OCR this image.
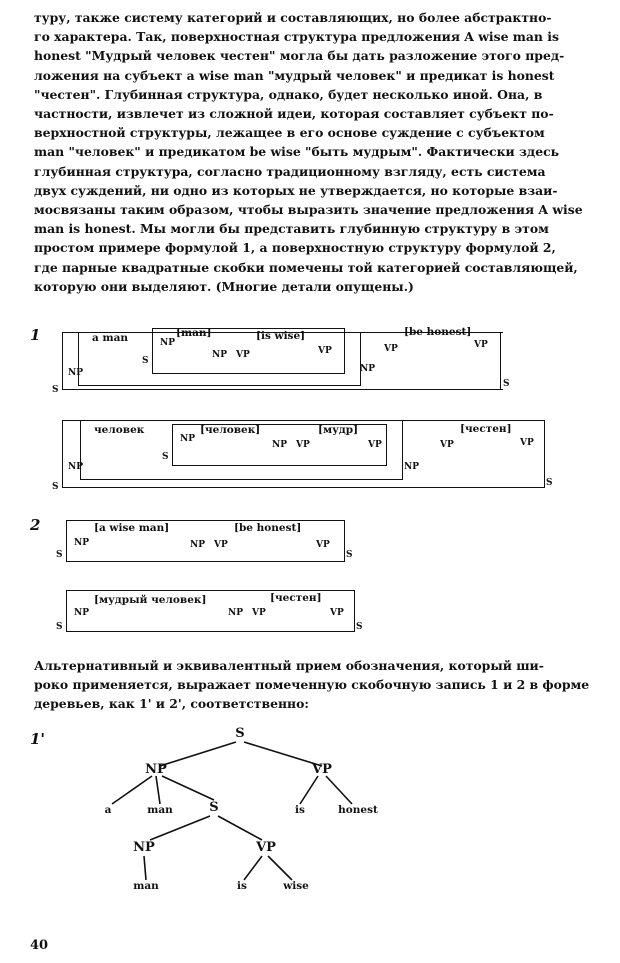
туру, также систему категорий и составляющих, но более абстрактно-
го характера. Так, поверхностная структура предложения A wise man is
honest "Мудрый человек честен" могла бы дать разложение этого пред-
ложения на субъект a wise man "мудрый человек" и предикат is honest
"честен". Глубинная структура, однако, будет несколько иной. Она, в
частности, извлечет из сложной идеи, которая составляет субъект по-
верхностной структуры, лежащее в его основе суждение с субъектом
man "человек" и предикатом be wise "быть мудрым". Фактически здесь
глубинная структура, согласно традиционному взгляду, есть система
двух суждений, ни одно из которых не утверждается, но которые взаи-
мосвязаны таким образом, чтобы выразить значение предложения A wise
man is honest. Мы могли бы представить глубинную структуру в этом
простом примере формулой 1, а поверхностную структуру формулой 2,
где парные квадратные скобки помечены той категорией составляющей,
которую они выделяют. (Многие детали опущены.)
1
S
NP
a man
S
NP
[man]
NP VP
[is wise]
VP
NP
VP
[be honest]
VP
S
S
NP
человек
S
NP
[человек]
NP VP
[мудр]
VP
NP
VP
[честен]
VP
S
2
S
NP
[a wise man]
NP VP
[be honest]
VP
S
S
NP
[мудрый человек]
NP VP
[честен]
VP
S
Альтернативный и эквивалентный прием обозначения, который ши-
роко применяется, выражает помеченную скобочную запись 1 и 2 в форме
деревьев, как 1' и 2', соответственно:
1'	S
NP	VP
a	man	S	is	honest
NP	VP
man	is	wise
40
